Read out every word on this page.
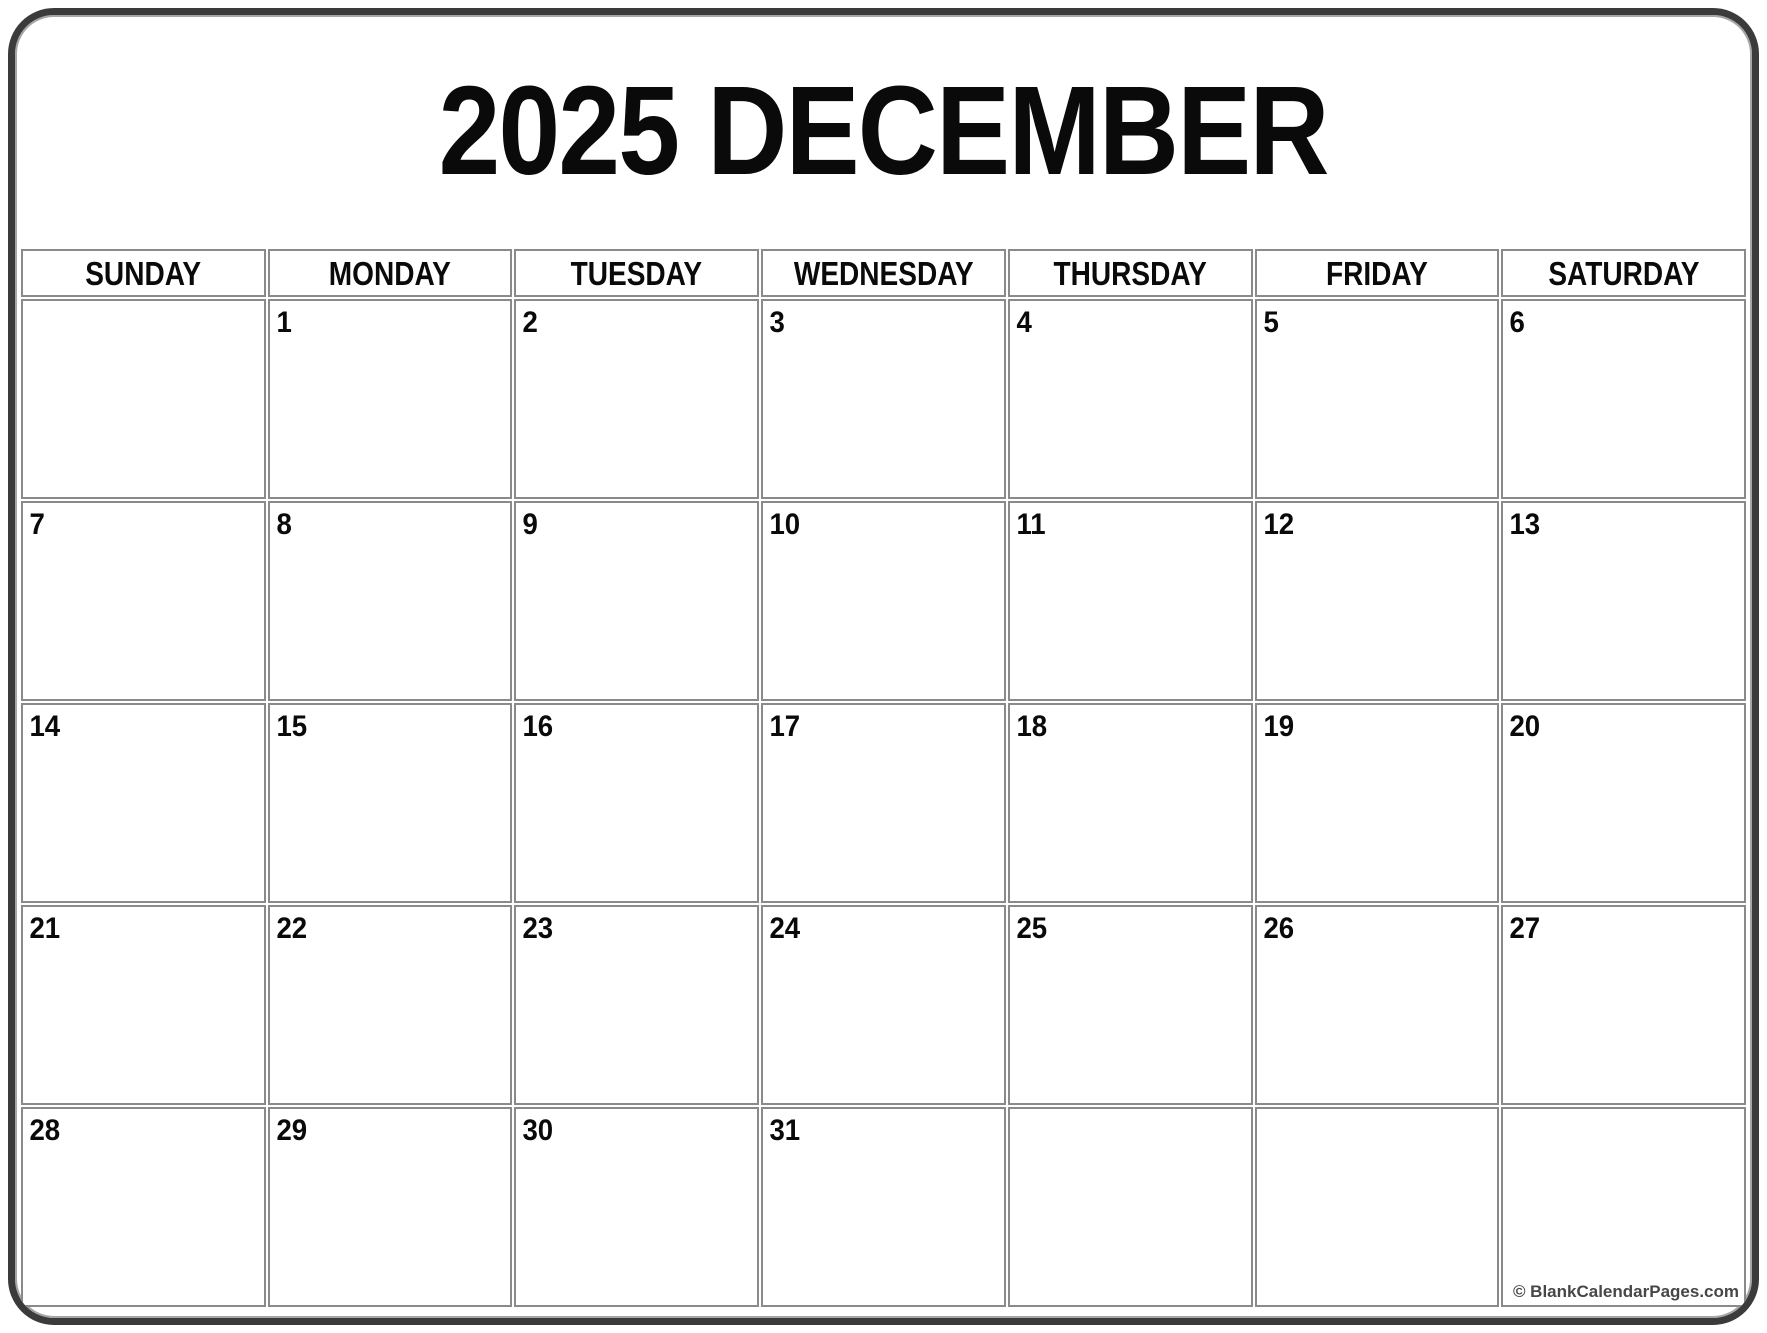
2025 DECEMBER
SUNDAY	MONDAY	TUESDAY	WEDNESDAY	THURSDAY	FRIDAY	SATURDAY
	1	2	3	4	5	6
7	8	9	10	11	12	13
14	15	16	17	18	19	20
21	22	23	24	25	26	27
28	29	30	31			© BlankCalendarPages.com
